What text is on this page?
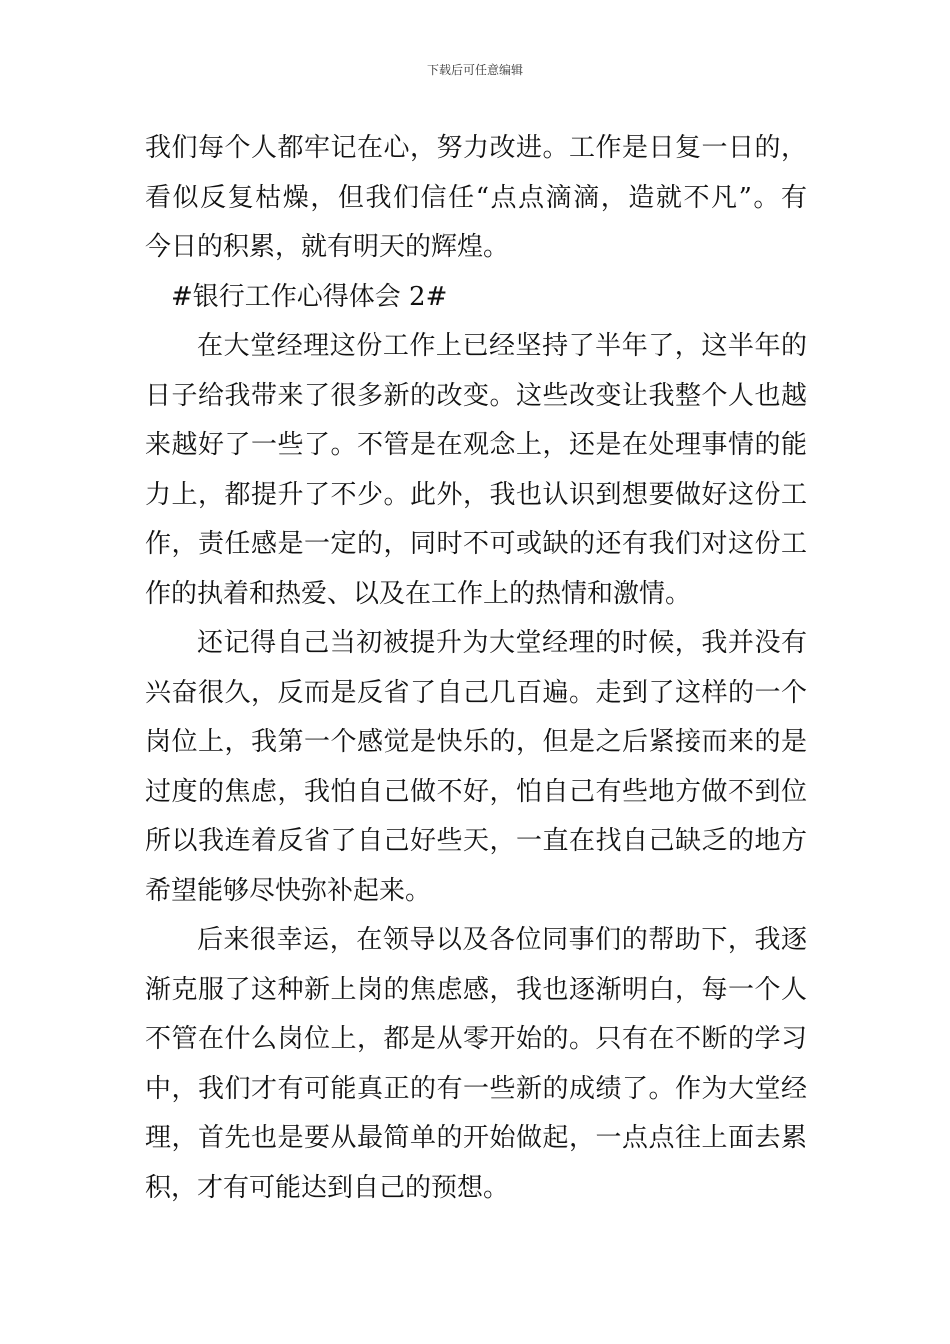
下载后可任意编辑
我们每个人都牢记在心，努力改进。工作是日复一日的，
看似反复枯燥，但我们信任“点点滴滴，造就不凡”。有
今日的积累，就有明天的辉煌。
#银行工作心得体会 2#
在大堂经理这份工作上已经坚持了半年了，这半年的
日子给我带来了很多新的改变。这些改变让我整个人也越
来越好了一些了。不管是在观念上，还是在处理事情的能
力上，都提升了不少。此外，我也认识到想要做好这份工
作，责任感是一定的，同时不可或缺的还有我们对这份工
作的执着和热爱、以及在工作上的热情和激情。
还记得自己当初被提升为大堂经理的时候，我并没有
兴奋很久，反而是反省了自己几百遍。走到了这样的一个
岗位上，我第一个感觉是快乐的，但是之后紧接而来的是
过度的焦虑，我怕自己做不好，怕自己有些地方做不到位
所以我连着反省了自己好些天，一直在找自己缺乏的地方
希望能够尽快弥补起来。
后来很幸运，在领导以及各位同事们的帮助下，我逐
渐克服了这种新上岗的焦虑感，我也逐渐明白，每一个人
不管在什么岗位上，都是从零开始的。只有在不断的学习
中，我们才有可能真正的有一些新的成绩了。作为大堂经
理，首先也是要从最简单的开始做起，一点点往上面去累
积，才有可能达到自己的预想。
